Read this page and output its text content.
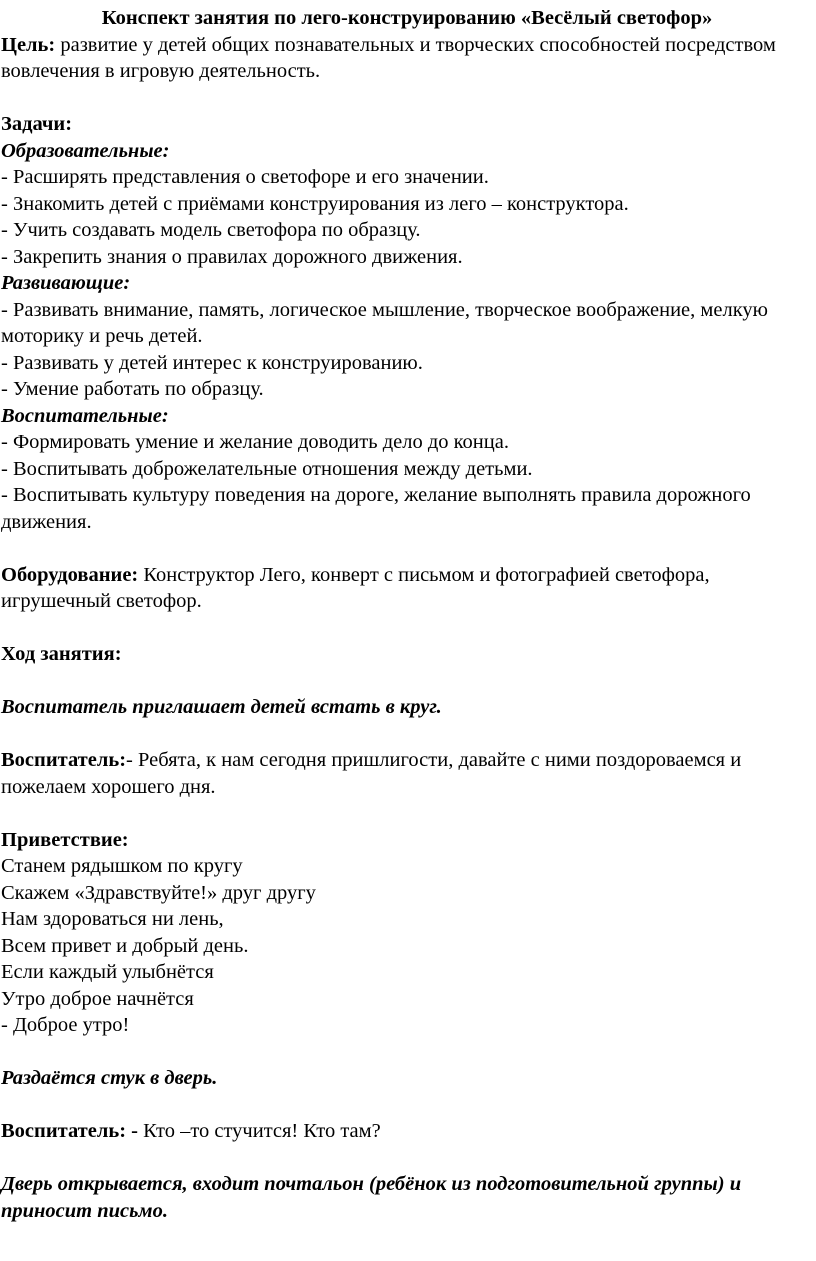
Конспект занятия по лего-конструированию «Весёлый светофор»
Цель: развитие у детей общих познавательных и творческих способностей посредством вовлечения в игровую деятельность.
Задачи:
Образовательные:
- Расширять представления о светофоре и его значении.
- Знакомить детей с приёмами конструирования из лего – конструктора.
- Учить создавать модель светофора по образцу.
- Закрепить знания о правилах дорожного движения.
Развивающие:
- Развивать внимание, память, логическое мышление, творческое воображение, мелкую моторику и речь детей.
- Развивать у детей интерес к конструированию.
- Умение работать по образцу.
Воспитательные:
- Формировать умение и желание доводить дело до конца.
- Воспитывать доброжелательные отношения между детьми.
- Воспитывать культуру поведения на дороге, желание выполнять правила дорожного движения.
Оборудование: Конструктор Лего, конверт с письмом и фотографией светофора, игрушечный светофор.
Ход занятия:
Воспитатель приглашает детей встать в круг.
Воспитатель:- Ребята, к нам сегодня пришлигости, давайте с ними поздороваемся и пожелаем хорошего дня.
Приветствие:
Станем рядышком по кругу
Скажем «Здравствуйте!» друг другу
Нам здороваться ни лень,
Всем привет и добрый день.
Если каждый улыбнётся
Утро доброе начнётся
- Доброе утро!
Раздаётся стук в дверь.
Воспитатель: - Кто –то стучится! Кто там?
Дверь открывается, входит почтальон (ребёнок из подготовительной группы) и приносит письмо.
